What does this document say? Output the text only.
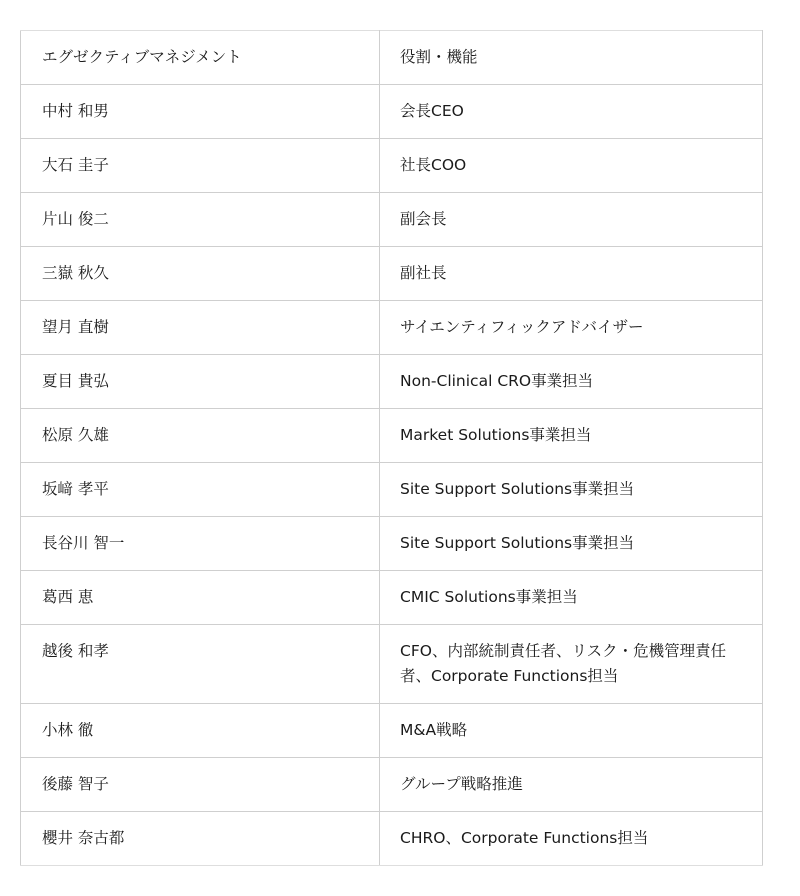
エグゼクティブマネジメント	役割・機能
中村 和男	会長CEO
大石 圭子	社長COO
片山 俊二	副会長
三嶽 秋久	副社長
望月 直樹	サイエンティフィックアドバイザー
夏目 貴弘	Non-Clinical CRO事業担当
松原 久雄	Market Solutions事業担当
坂﨑 孝平	Site Support Solutions事業担当
長谷川 智一	Site Support Solutions事業担当
葛西 恵	CMIC Solutions事業担当
越後 和孝	CFO、内部統制責任者、リスク・危機管理責任者、Corporate Functions担当
小林 徹	M&A戦略
後藤 智子	グループ戦略推進
櫻井 奈古都	CHRO、Corporate Functions担当
